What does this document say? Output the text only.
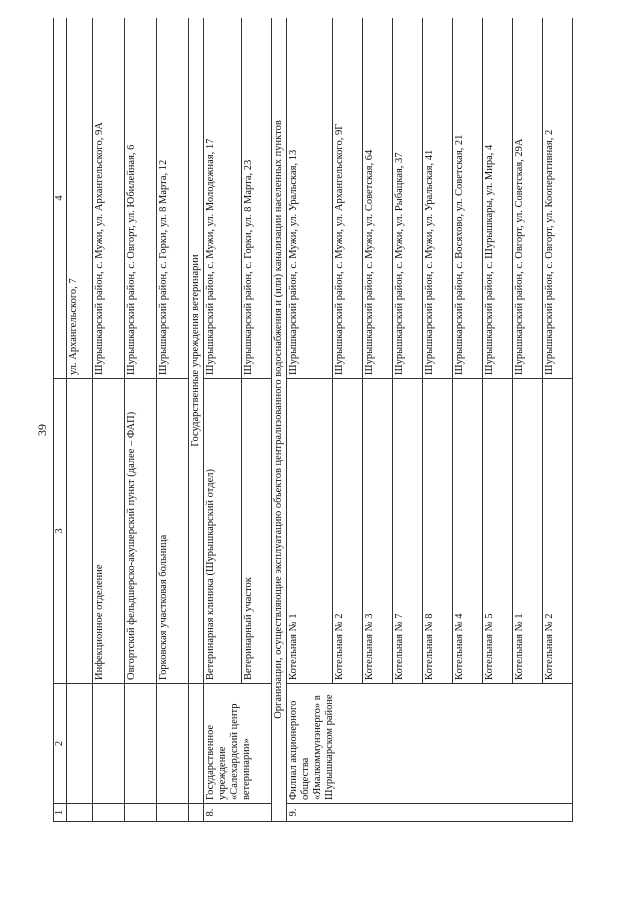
39
1	2	3	4
			ул. Архангельского, 7
		Инфекционное отделение	Шурышкарский район, с. Мужи, ул. Архангельского, 9А
		Овгортский фельдшерско-акушерский пункт (далее – ФАП)	Шурышкарский район, с. Овгорт, ул. Юбилейная, 6
		Горковская участковая больница	Шурышкарский район, с. Горки, ул. 8 Марта, 12
		Государственные учреждения ветеринарии	
8.	Государственное учреждение «Салехардский центр ветеринарии»	Ветеринарная клиника (Шурышкарский отдел)	Шурышкарский район, с. Мужи, ул. Молодежная, 17
		Ветеринарный участок	Шурышкарский район, с. Горки, ул. 8 Марта, 23
Организации, осуществляющие эксплуатацию объектов централизованного водоснабжения и (или) канализации населенных пунктов			
9.	Филиал акционерного общества «Ямалкоммунэнерго» в Шурышкарском районе	Котельная № 1	Шурышкарский район, с. Мужи, ул. Уральская, 13
		Котельная № 2	Шурышкарский район, с. Мужи, ул. Архангельского, 9Г
		Котельная № 3	Шурышкарский район, с. Мужи, ул. Советская, 64
		Котельная № 7	Шурышкарский район, с. Мужи, ул. Рыбацкая, 37
		Котельная № 8	Шурышкарский район, с. Мужи, ул. Уральская, 41
		Котельная № 4	Шурышкарский район, с. Восяхово, ул. Советская, 21
		Котельная № 5	Шурышкарский район, с. Шурышкары, ул. Мира, 4
		Котельная № 1	Шурышкарский район, с. Овгорт, ул. Советская, 29А
		Котельная № 2	Шурышкарский район, с. Овгорт, ул. Кооперативная, 2
